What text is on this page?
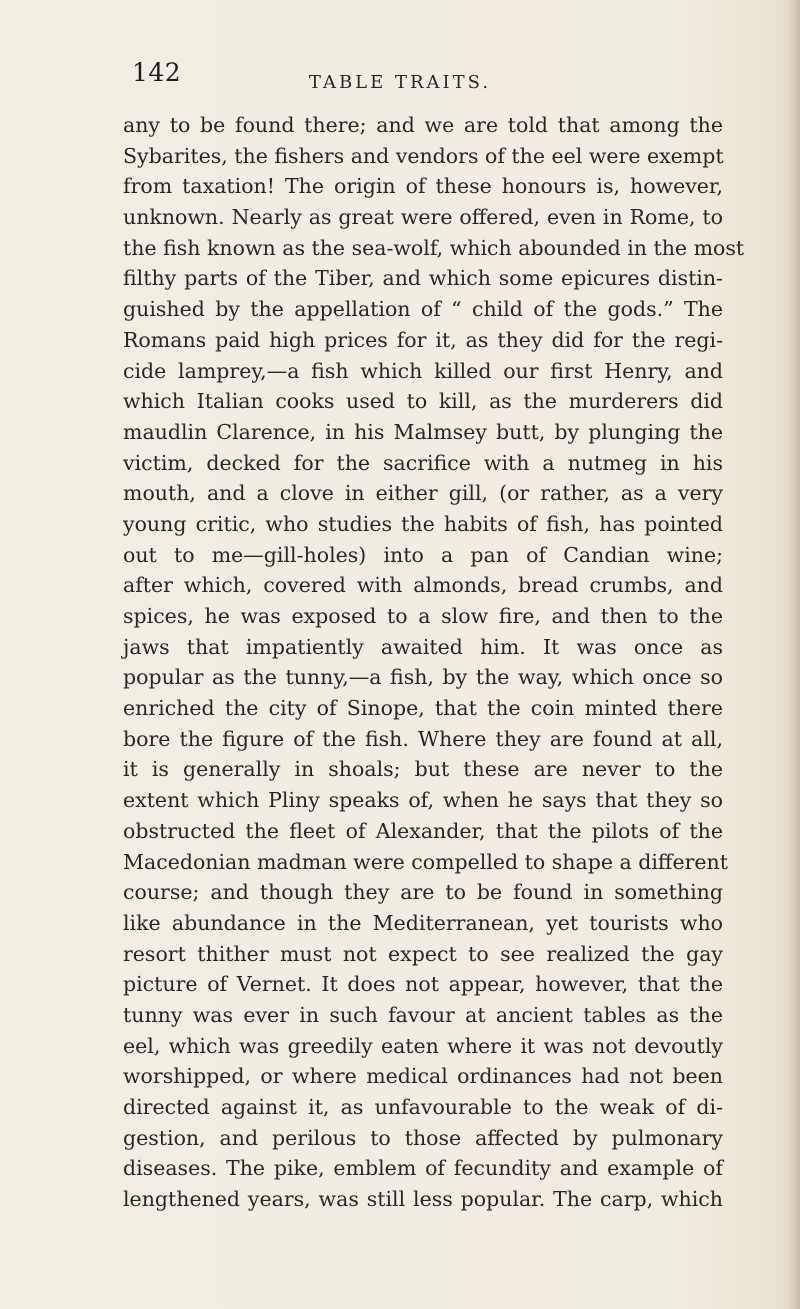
142	TABLE TRAITS.
any to be found there; and we are told that among the
Sybarites, the fishers and vendors of the eel were exempt
from taxation! The origin of these honours is, however,
unknown. Nearly as great were offered, even in Rome, to
the fish known as the sea-wolf, which abounded in the most
filthy parts of the Tiber, and which some epicures distin-
guished by the appellation of “ child of the gods.” The
Romans paid high prices for it, as they did for the regi-
cide lamprey,—a fish which killed our first Henry, and
which Italian cooks used to kill, as the murderers did
maudlin Clarence, in his Malmsey butt, by plunging the
victim, decked for the sacrifice with a nutmeg in his
mouth, and a clove in either gill, (or rather, as a very
young critic, who studies the habits of fish, has pointed
out to me—gill-holes) into a pan of Candian wine;
after which, covered with almonds, bread crumbs, and
spices, he was exposed to a slow fire, and then to the
jaws that impatiently awaited him. It was once as
popular as the tunny,—a fish, by the way, which once so
enriched the city of Sinope, that the coin minted there
bore the figure of the fish. Where they are found at all,
it is generally in shoals; but these are never to the
extent which Pliny speaks of, when he says that they so
obstructed the fleet of Alexander, that the pilots of the
Macedonian madman were compelled to shape a different
course; and though they are to be found in something
like abundance in the Mediterranean, yet tourists who
resort thither must not expect to see realized the gay
picture of Vernet. It does not appear, however, that the
tunny was ever in such favour at ancient tables as the
eel, which was greedily eaten where it was not devoutly
worshipped, or where medical ordinances had not been
directed against it, as unfavourable to the weak of di-
gestion, and perilous to those affected by pulmonary
diseases. The pike, emblem of fecundity and example of
lengthened years, was still less popular. The carp, which
